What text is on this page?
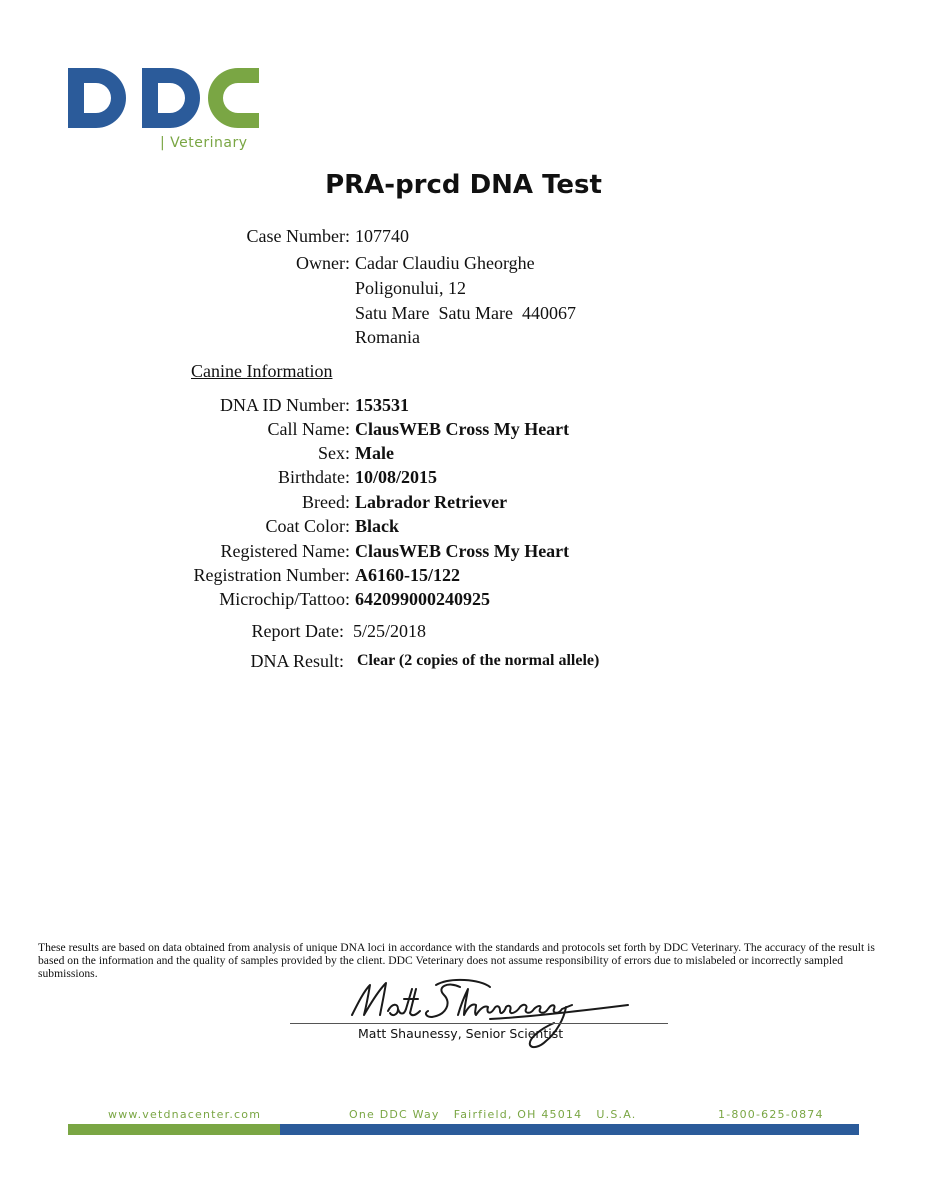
| Veterinary
PRA-prcd DNA Test
Case Number: 107740
Owner: Cadar Claudiu Gheorghe
Poligonului, 12
Satu Mare  Satu Mare  440067
Romania
Canine Information
DNA ID Number: 153531
Call Name: ClausWEB Cross My Heart
Sex: Male
Birthdate: 10/08/2015
Breed: Labrador Retriever
Coat Color: Black
Registered Name: ClausWEB Cross My Heart
Registration Number: A6160-15/122
Microchip/Tattoo: 642099000240925
Report Date: 5/25/2018
DNA Result: Clear (2 copies of the normal allele)
These results are based on data obtained from analysis of unique DNA loci in accordance with the standards and protocols set forth by DDC Veterinary. The accuracy of the result is based on the information and the quality of samples provided by the client. DDC Veterinary does not assume responsibility of errors due to mislabeled or incorrectly sampled submissions.
Matt Shaunessy, Senior Scientist
www.vetdnacenter.com	One DDC Way   Fairfield, OH 45014   U.S.A.	1-800-625-0874
